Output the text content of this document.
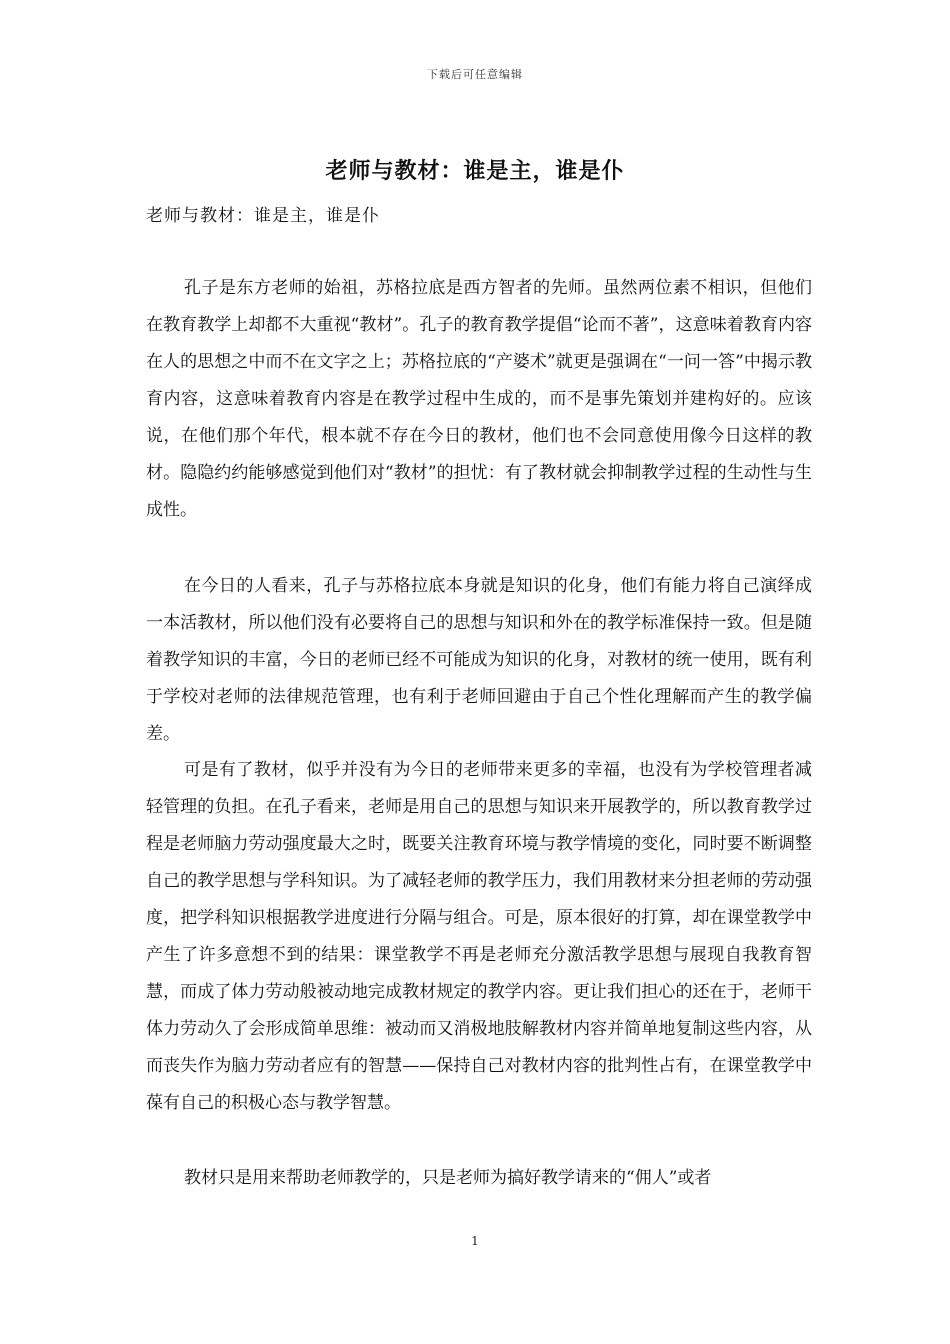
下载后可任意编辑
老师与教材：谁是主，谁是仆
老师与教材：谁是主，谁是仆

孔子是东方老师的始祖，苏格拉底是西方智者的先师。虽然两位素不相识，但他们在教育教学上却都不大重视“教材”。孔子的教育教学提倡“论而不著”，这意味着教育内容在人的思想之中而不在文字之上；苏格拉底的“产婆术”就更是强调在“一问一答”中揭示教育内容，这意味着教育内容是在教学过程中生成的，而不是事先策划并建构好的。应该说，在他们那个年代，根本就不存在今日的教材，他们也不会同意使用像今日这样的教材。隐隐约约能够感觉到他们对“教材”的担忧：有了教材就会抑制教学过程的生动性与生成性。

在今日的人看来，孔子与苏格拉底本身就是知识的化身，他们有能力将自己演绎成一本活教材，所以他们没有必要将自己的思想与知识和外在的教学标准保持一致。但是随着教学知识的丰富，今日的老师已经不可能成为知识的化身，对教材的统一使用，既有利于学校对老师的法律规范管理，也有利于老师回避由于自己个性化理解而产生的教学偏差。

可是有了教材，似乎并没有为今日的老师带来更多的幸福，也没有为学校管理者减轻管理的负担。在孔子看来，老师是用自己的思想与知识来开展教学的，所以教育教学过程是老师脑力劳动强度最大之时，既要关注教育环境与教学情境的变化，同时要不断调整自己的教学思想与学科知识。为了减轻老师的教学压力，我们用教材来分担老师的劳动强度，把学科知识根据教学进度进行分隔与组合。可是，原本很好的打算，却在课堂教学中产生了许多意想不到的结果：课堂教学不再是老师充分激活教学思想与展现自我教育智慧，而成了体力劳动般被动地完成教材规定的教学内容。更让我们担心的还在于，老师干体力劳动久了会形成简单思维：被动而又消极地肢解教材内容并简单地复制这些内容，从而丧失作为脑力劳动者应有的智慧——保持自己对教材内容的批判性占有，在课堂教学中葆有自己的积极心态与教学智慧。

教材只是用来帮助老师教学的，只是老师为搞好教学请来的“佣人”或者

1
